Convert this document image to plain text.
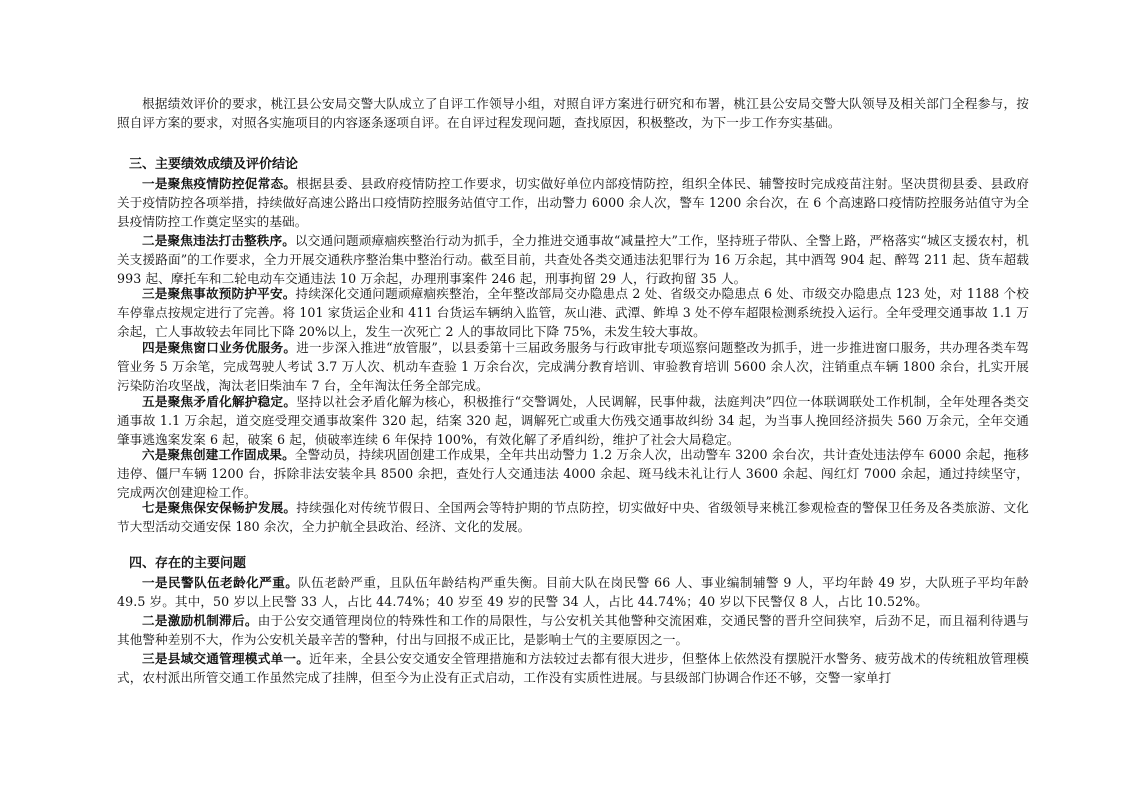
根据绩效评价的要求，桃江县公安局交警大队成立了自评工作领导小组，对照自评方案进行研究和布署，桃江县公安局交警大队领导及相关部门全程参与，按照自评方案的要求，对照各实施项目的内容逐条逐项自评。在自评过程发现问题，查找原因，积极整改，为下一步工作夯实基础。

三、主要绩效成绩及评价结论

一是聚焦疫情防控促常态。根据县委、县政府疫情防控工作要求，切实做好单位内部疫情防控，组织全体民、辅警按时完成疫苗注射。坚决贯彻县委、县政府关于疫情防控各项举措，持续做好高速公路出口疫情防控服务站值守工作，出动警力 6000 余人次，警车 1200 余台次，在 6 个高速路口疫情防控服务站值守为全县疫情防控工作奠定坚实的基础。

二是聚焦违法打击整秩序。以交通问题顽瘴痼疾整治行动为抓手，全力推进交通事故“减量控大”工作，坚持班子带队、全警上路，严格落实“城区支援农村，机关支援路面”的工作要求，全力开展交通秩序整治集中整治行动。截至目前，共查处各类交通违法犯罪行为 16 万余起，其中酒驾 904 起、醉驾 211 起、货车超载 993 起、摩托车和二轮电动车交通违法 10 万余起，办理刑事案件 246 起，刑事拘留 29 人，行政拘留 35 人。

三是聚焦事故预防护平安。持续深化交通问题顽瘴痼疾整治，全年整改部局交办隐患点 2 处、省级交办隐患点 6 处、市级交办隐患点 123 处，对 1188 个校车停靠点按规定进行了完善。将 101 家货运企业和 411 台货运车辆纳入监管，灰山港、武潭、鲊埠 3 处不停车超限检测系统投入运行。全年受理交通事故 1.1 万余起，亡人事故较去年同比下降 20%以上，发生一次死亡 2 人的事故同比下降 75%，未发生较大事故。

四是聚焦窗口业务优服务。进一步深入推进“放管服”，以县委第十三届政务服务与行政审批专项巡察问题整改为抓手，进一步推进窗口服务，共办理各类车驾管业务 5 万余笔，完成驾驶人考试 3.7 万人次、机动车查验 1 万余台次，完成满分教育培训、审验教育培训 5600 余人次，注销重点车辆 1800 余台，扎实开展污染防治攻坚战，淘汰老旧柴油车 7 台，全年淘汰任务全部完成。

五是聚焦矛盾化解护稳定。坚持以社会矛盾化解为核心，积极推行“交警调处，人民调解，民事仲裁，法庭判决”四位一体联调联处工作机制，全年处理各类交通事故 1.1 万余起，道交庭受理交通事故案件 320 起，结案 320 起，调解死亡或重大伤残交通事故纠纷 34 起，为当事人挽回经济损失 560 万余元，全年交通肇事逃逸案发案 6 起，破案 6 起，侦破率连续 6 年保持 100%，有效化解了矛盾纠纷，维护了社会大局稳定。

六是聚焦创建工作固成果。全警动员，持续巩固创建工作成果，全年共出动警力 1.2 万余人次，出动警车 3200 余台次，共计查处违法停车 6000 余起，拖移违停、僵尸车辆 1200 台，拆除非法安装伞具 8500 余把，查处行人交通违法 4000 余起、斑马线未礼让行人 3600 余起、闯红灯 7000 余起，通过持续坚守，完成两次创建迎检工作。

七是聚焦保安保畅护发展。持续强化对传统节假日、全国两会等特护期的节点防控，切实做好中央、省级领导来桃江参观检查的警保卫任务及各类旅游、文化节大型活动交通安保 180 余次，全力护航全县政治、经济、文化的发展。

四、存在的主要问题

一是民警队伍老龄化严重。队伍老龄严重，且队伍年龄结构严重失衡。目前大队在岗民警 66 人、事业编制辅警 9 人，平均年龄 49 岁，大队班子平均年龄 49.5 岁。其中，50 岁以上民警 33 人，占比 44.74%；40 岁至 49 岁的民警 34 人，占比 44.74%；40 岁以下民警仅 8 人，占比 10.52%。

二是激励机制滞后。由于公安交通管理岗位的特殊性和工作的局限性，与公安机关其他警种交流困难，交通民警的晋升空间狭窄，后劲不足，而且福利待遇与其他警种差别不大，作为公安机关最辛苦的警种，付出与回报不成正比，是影响士气的主要原因之一。

三是县域交通管理模式单一。近年来，全县公安交通安全管理措施和方法较过去都有很大进步，但整体上依然没有摆脱汗水警务、疲劳战术的传统粗放管理模式，农村派出所管交通工作虽然完成了挂牌，但至今为止没有正式启动，工作没有实质性进展。与县级部门协调合作还不够，交警一家单打
